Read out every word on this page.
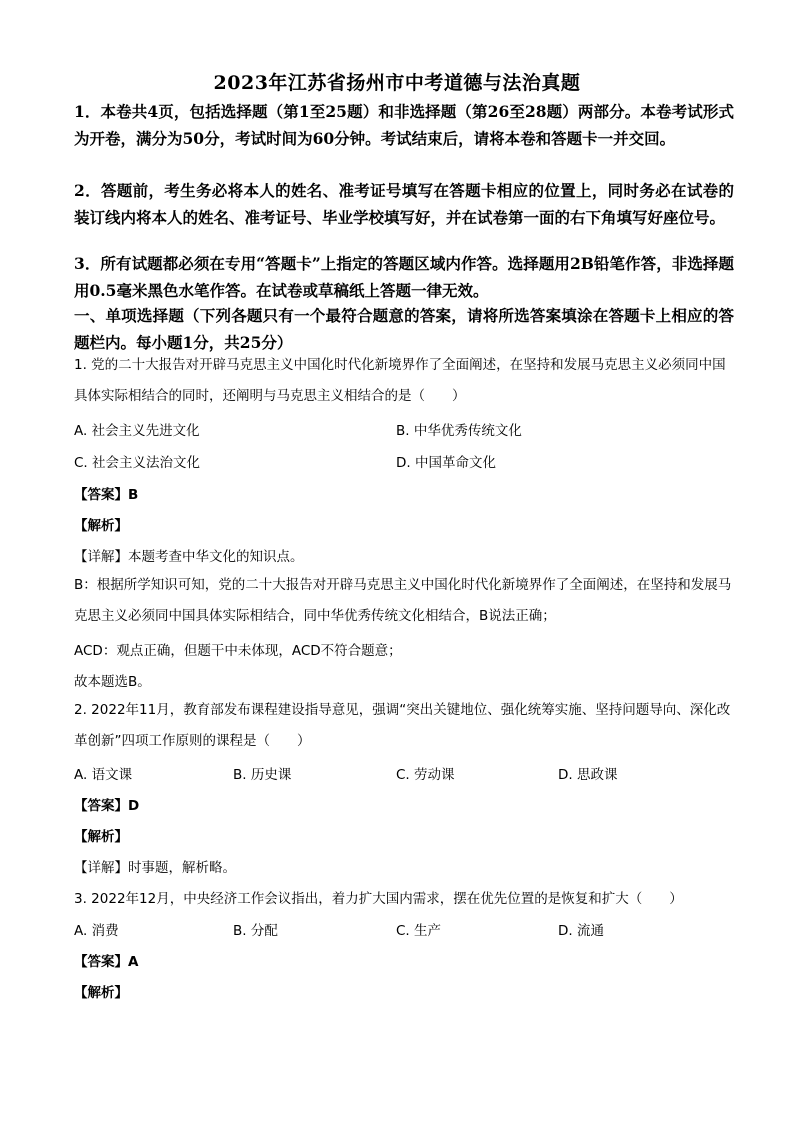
2023年江苏省扬州市中考道德与法治真题
1．本卷共4页，包括选择题（第1至25题）和非选择题（第26至28题）两部分。本卷考试形式为开卷，满分为50分，考试时间为60分钟。考试结束后，请将本卷和答题卡一并交回。
2．答题前，考生务必将本人的姓名、准考证号填写在答题卡相应的位置上，同时务必在试卷的装订线内将本人的姓名、准考证号、毕业学校填写好，并在试卷第一面的右下角填写好座位号。
3．所有试题都必须在专用“答题卡”上指定的答题区域内作答。选择题用2B铅笔作答，非选择题用0.5毫米黑色水笔作答。在试卷或草稿纸上答题一律无效。
一、单项选择题（下列各题只有一个最符合题意的答案，请将所选答案填涂在答题卡上相应的答题栏内。每小题1分，共25分）
1. 党的二十大报告对开辟马克思主义中国化时代化新境界作了全面阐述，在坚持和发展马克思主义必须同中国具体实际相结合的同时，还阐明与马克思主义相结合的是（　　）
A. 社会主义先进文化	B. 中华优秀传统文化
C. 社会主义法治文化	D. 中国革命文化
【答案】B
【解析】
【详解】本题考查中华文化的知识点。
B：根据所学知识可知，党的二十大报告对开辟马克思主义中国化时代化新境界作了全面阐述，在坚持和发展马克思主义必须同中国具体实际相结合，同中华优秀传统文化相结合，B说法正确；
ACD：观点正确，但题干中未体现，ACD不符合题意；
故本题选B。
2. 2022年11月，教育部发布课程建设指导意见，强调“突出关键地位、强化统筹实施、坚持问题导向、深化改革创新”四项工作原则的课程是（　　）
A. 语文课	B. 历史课	C. 劳动课	D. 思政课
【答案】D
【解析】
【详解】时事题，解析略。
3. 2022年12月，中央经济工作会议指出，着力扩大国内需求，摆在优先位置的是恢复和扩大（　　）
A. 消费	B. 分配	C. 生产	D. 流通
【答案】A
【解析】
